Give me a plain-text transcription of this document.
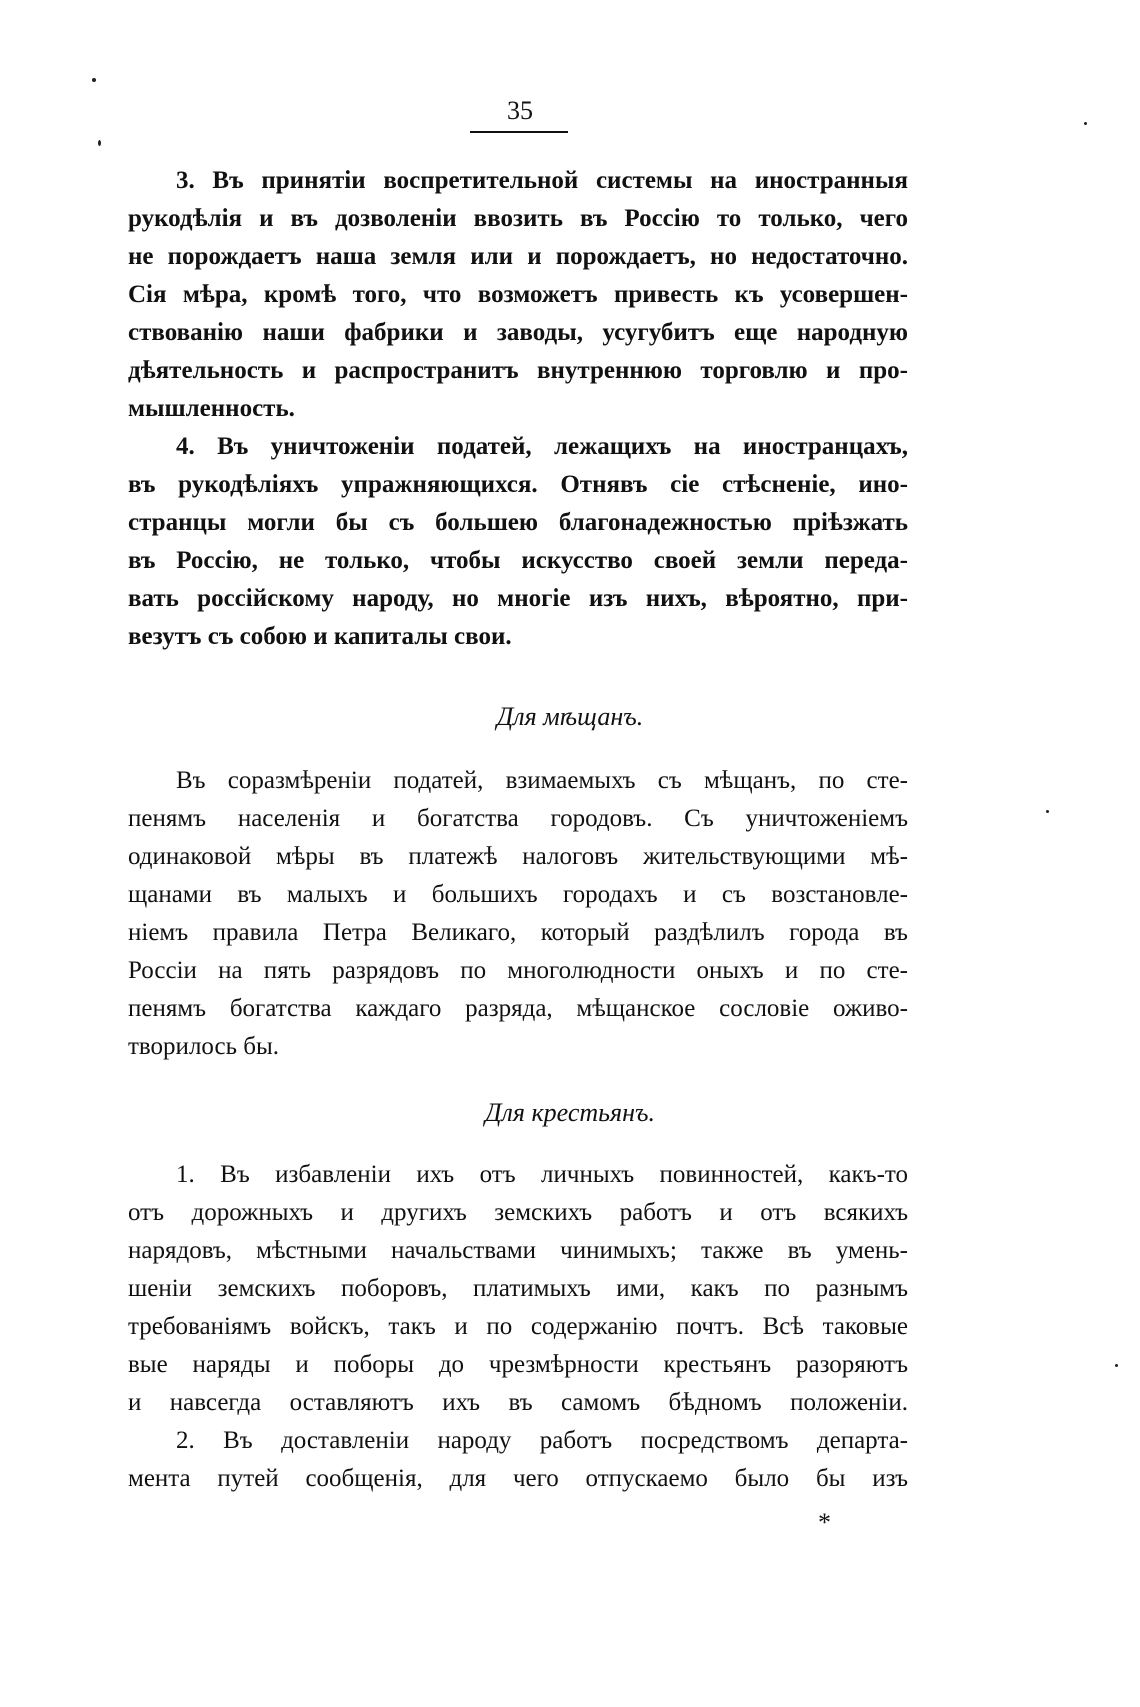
35
3. Въ принятіи воспретительной системы на иностранныя
рукодѣлія и въ дозволеніи ввозить въ Россію то только, чего
не порождаетъ наша земля или и порождаетъ, но недостаточно.
Сія мѣра, кромѣ того, что возможетъ привесть къ усовершен-
ствованію наши фабрики и заводы, усугубитъ еще народную
дѣятельность и распространитъ внутреннюю торговлю и про-
мышленность.
4. Въ уничтоженіи податей, лежащихъ на иностранцахъ,
въ рукодѣліяхъ упражняющихся. Отнявъ сіе стѣсненіе, ино-
странцы могли бы съ большею благонадежностью пріѣзжать
въ Россію, не только, чтобы искусство своей земли переда-
вать россійскому народу, но многіе изъ нихъ, вѣроятно, при-
везутъ съ собою и капиталы свои.
Для мѣщанъ.
Въ соразмѣреніи податей, взимаемыхъ съ мѣщанъ, по сте-
пенямъ населенія и богатства городовъ. Съ уничтоженіемъ
одинаковой мѣры въ платежѣ налоговъ жительствующими мѣ-
щанами въ малыхъ и большихъ городахъ и съ возстановле-
ніемъ правила Петра Великаго, который раздѣлилъ города въ
Россіи на пять разрядовъ по многолюдности оныхъ и по сте-
пенямъ богатства каждаго разряда, мѣщанское сословіе оживо-
творилось бы.
Для крестьянъ.
1. Въ избавленіи ихъ отъ личныхъ повинностей, какъ-то
отъ дорожныхъ и другихъ земскихъ работъ и отъ всякихъ
нарядовъ, мѣстными начальствами чинимыхъ; также въ умень-
шеніи земскихъ поборовъ, платимыхъ ими, какъ по разнымъ
требованіямъ войскъ, такъ и по содержанію почтъ. Всѣ таковые
вые наряды и поборы до чрезмѣрности крестьянъ разоряютъ
и навсегда оставляютъ ихъ въ самомъ бѣдномъ положеніи.
2. Въ доставленіи народу работъ посредствомъ департа-
мента путей сообщенія, для чего отпускаемо было бы изъ
*
